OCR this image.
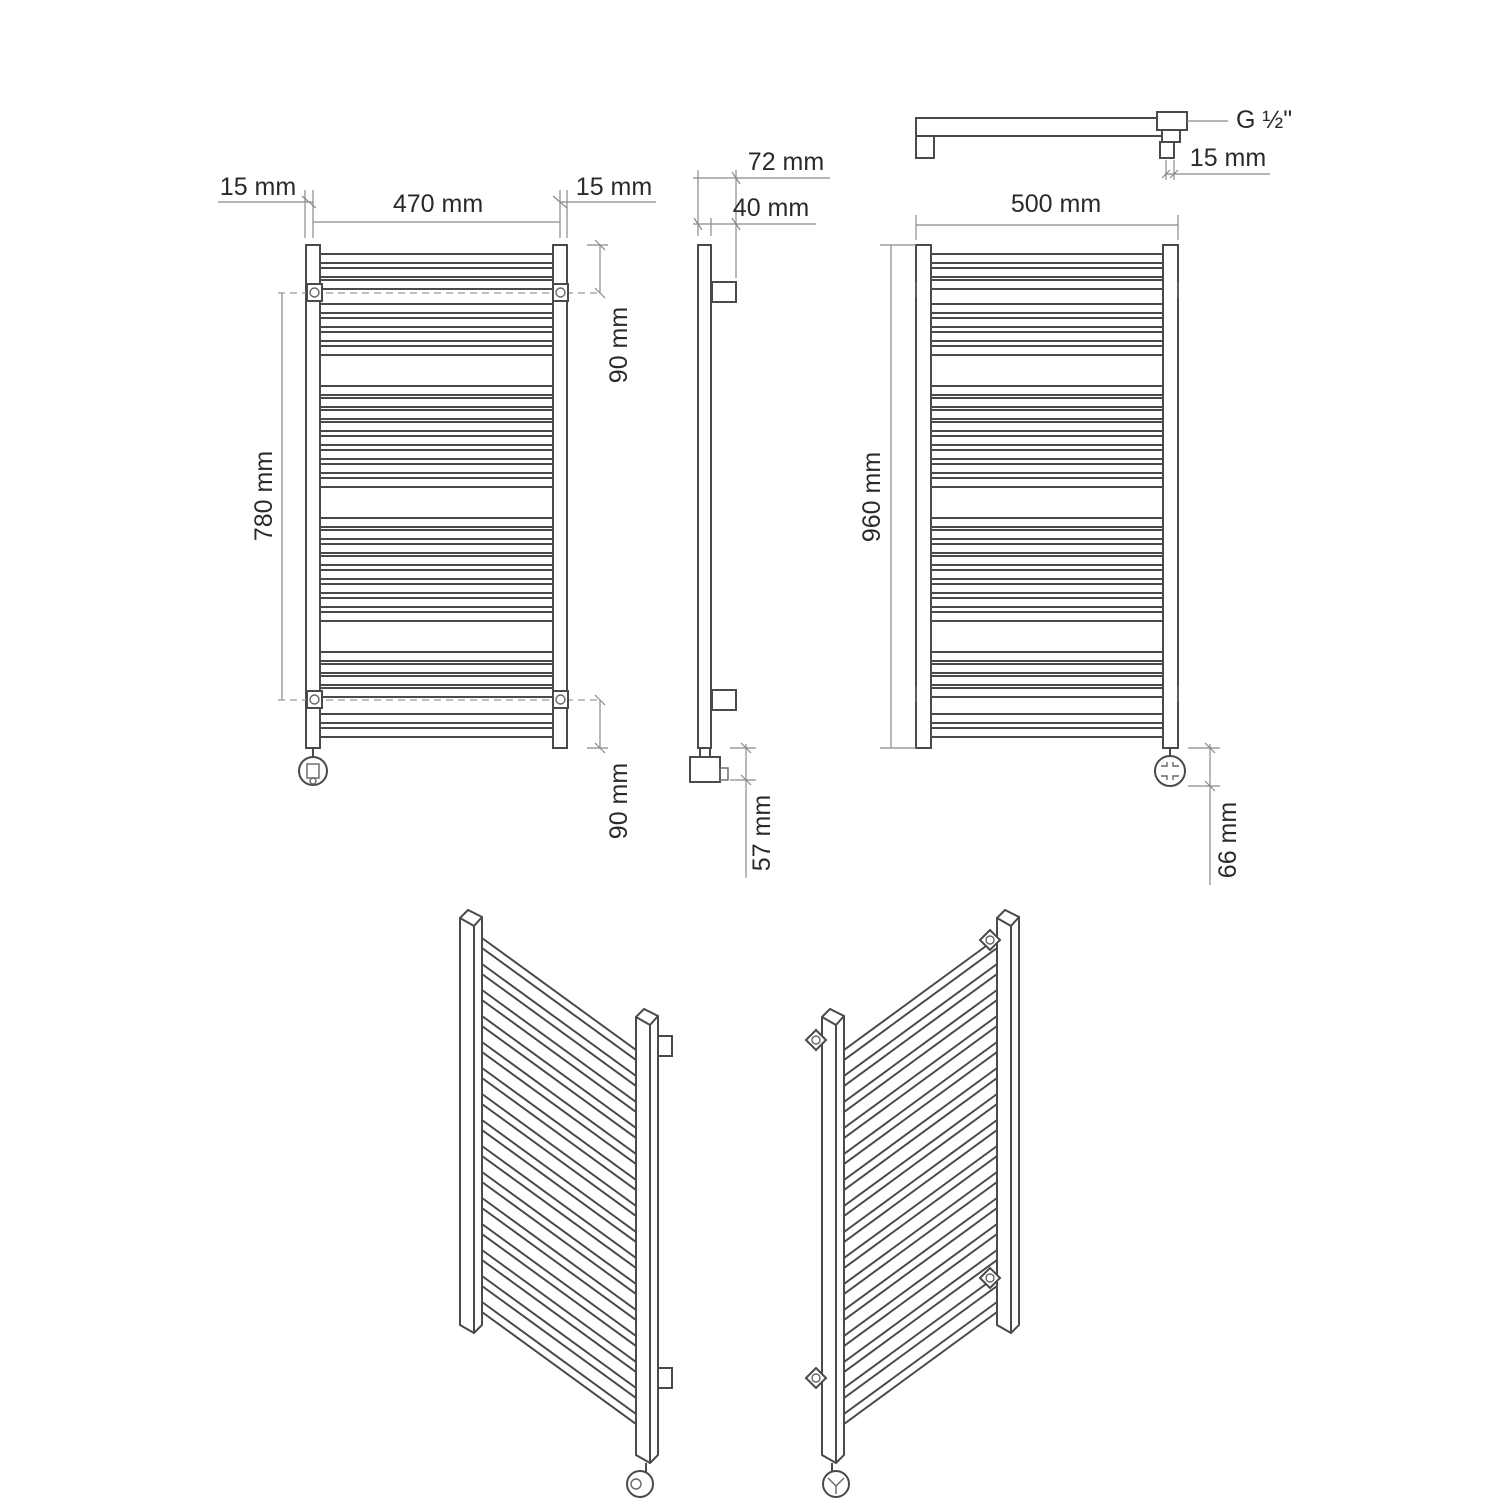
15 mm
470 mm
15 mm
780 mm
90 mm
90 mm
72 mm
40 mm
57 mm
G ½"
15 mm
500 mm
960 mm
66 mm
